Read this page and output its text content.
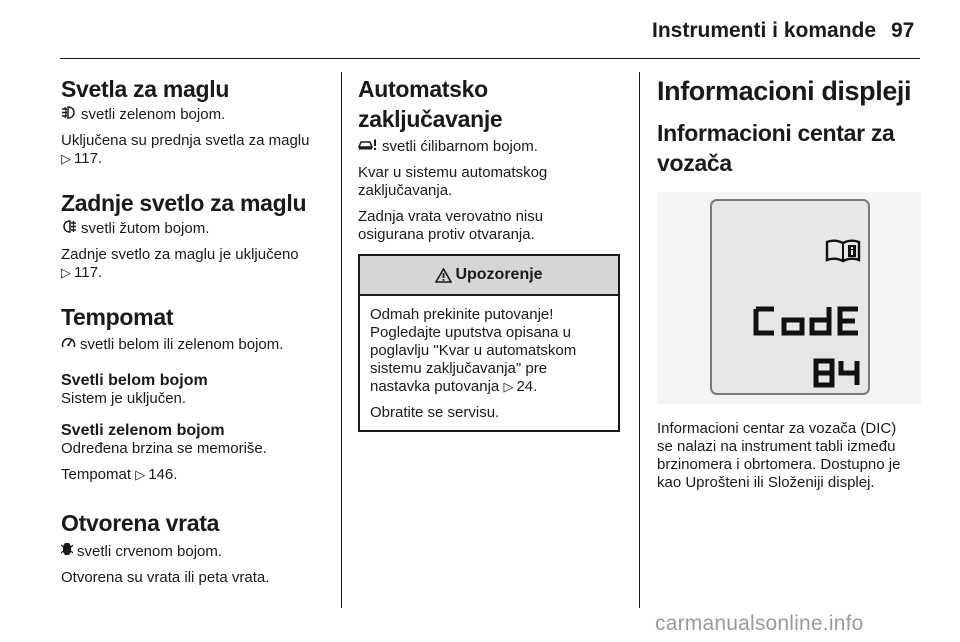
Instrumenti i komande 97
Svetla za maglu

svetli zelenom bojom.

Uključena su prednja svetla za maglu

▷ 117.

Zadnje svetlo za maglu

svetli žutom bojom.

Zadnje svetlo za maglu je uključeno

▷ 117.

Tempomat

svetli belom ili zelenom bojom.

Svetli belom bojom

Sistem je uključen.

Svetli zelenom bojom

Određena brzina se memoriše.

Tempomat ▷ 146.

Otvorena vrata

svetli crvenom bojom.

Otvorena su vrata ili peta vrata.

Automatsko zaključavanje

svetli ćilibarnom bojom.

Kvar u sistemu automatskog

zaključavanja.

Zadnja vrata verovatno nisu

osigurana protiv otvaranja.

Upozorenje

Odmah prekinite putovanje!

Pogledajte uputstva opisana u

poglavlju "Kvar u automatskom

sistemu zaključavanja" pre

nastavka putovanja ▷ 24.

Obratite se servisu.

Informacioni displeji
Informacioni centar za
vozača
CodE
84

Informacioni centar za vozača (DIC)

se nalazi na instrument tabli između

brzinomera i obrtomera. Dostupno je

kao Uprošteni ili Složeniji displej.

carmanualsonline.info
